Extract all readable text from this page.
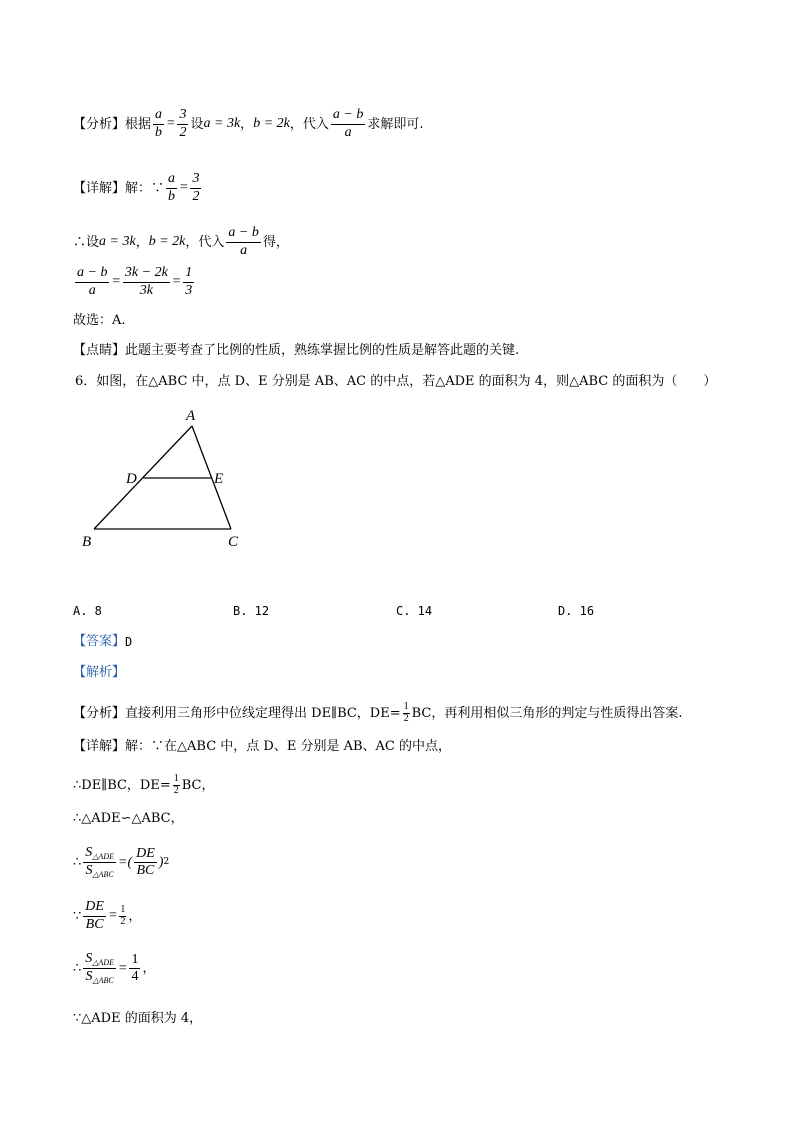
【分析】 根据 $\frac{a}{b} = \frac{3}{2}$ 设 a = 3k ， b = 2k ，代入 $\frac{a - b}{a}$ 求解即可.
【详解】 解：∵ $\frac{a}{b} = \frac{3}{2}$
∴设 a = 3k ， b = 2k ，代入 $\frac{a - b}{a}$ 得，
$\frac{a - b}{a} = \frac{3k - 2k}{3k} = \frac{1}{3}$
故选：A.
【点睛】 此题主要考查了比例的性质，熟练掌握比例的性质是解答此题的关键.
6．如图，在△ABC 中，点 D、E 分别是 AB、AC 的中点，若△ADE 的面积为 4，则△ABC 的面积为（　　）
A
D	E
B	C
A. 8	B. 12	C. 14	D. 16
【答案】 D
【解析】
【分析】 直接利用三角形中位线定理得出 DE∥BC，$DE= \frac{1}{2}$ BC，再利用相似三角形的判定与性质得出答案.
【详解】 解：∵在△ABC 中，点 D、E 分别是 AB、AC 的中点，
∴DE∥BC，$DE= \frac{1}{2}$ BC，
∴△ADE∽△ABC，
∴ $\frac{S_{\triangle ADE}}{S_{\triangle ABC}}$ = ( $\frac{DE}{BC}$ ) 2
∵ $\frac{DE}{BC} = \frac{1}{2}$ ，
∴ $\frac{S_{\triangle ADE}}{S_{\triangle ABC}} = \frac{1}{4}$ ，
∵△ADE 的面积为 4，
